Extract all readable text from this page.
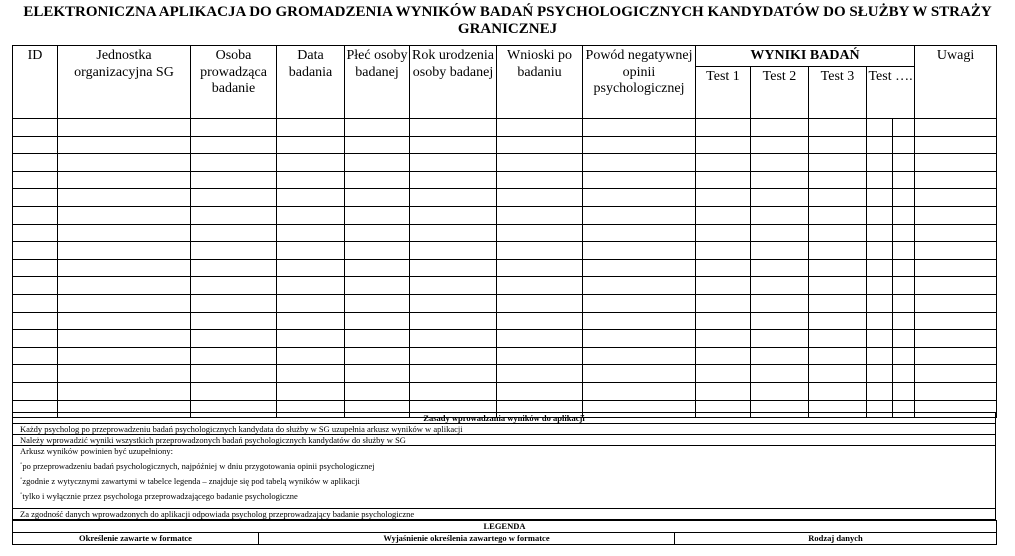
ELEKTRONICZNA APLIKACJA DO GROMADZENIA WYNIKÓW BADAŃ PSYCHOLOGICZNYCH KANDYDATÓW DO SŁUŻBY W STRAŻY
GRANICZNEJ
ID	Jednostka organizacyjna SG	Osoba prowadząca badanie	Data badania	Płeć osoby badanej	Rok urodzenia osoby badanej	Wnioski po badaniu	Powód negatywnej opinii psychologicznej	WYNIKI BADAŃ					Uwagi
								Test 1	Test 2	Test 3	Test ….		

Zasady wprowadzania wyników do aplikacji
Każdy psycholog po przeprowadzeniu badań psychologicznych kandydata do służby w SG uzupełnia arkusz wyników w aplikacji
Należy wprowadzić wyniki wszystkich przeprowadzonych badań psychologicznych kandydatów do służby w SG

Arkusz wyników powinien być uzupełniony:
˚po przeprowadzeniu badań psychologicznych, najpóźniej w dniu przygotowania opinii psychologicznej
˚zgodnie z wytycznymi zawartymi w tabelce legenda – znajduje się pod tabelą wyników w aplikacji
˚tylko i wyłącznie przez psychologa przeprowadzającego badanie psychologiczne

Za zgodność danych wprowadzonych do aplikacji odpowiada psycholog przeprowadzający badanie psychologiczne
LEGENDA
Określenie zawarte w formatce	Wyjaśnienie określenia zawartego w formatce	Rodzaj danych
